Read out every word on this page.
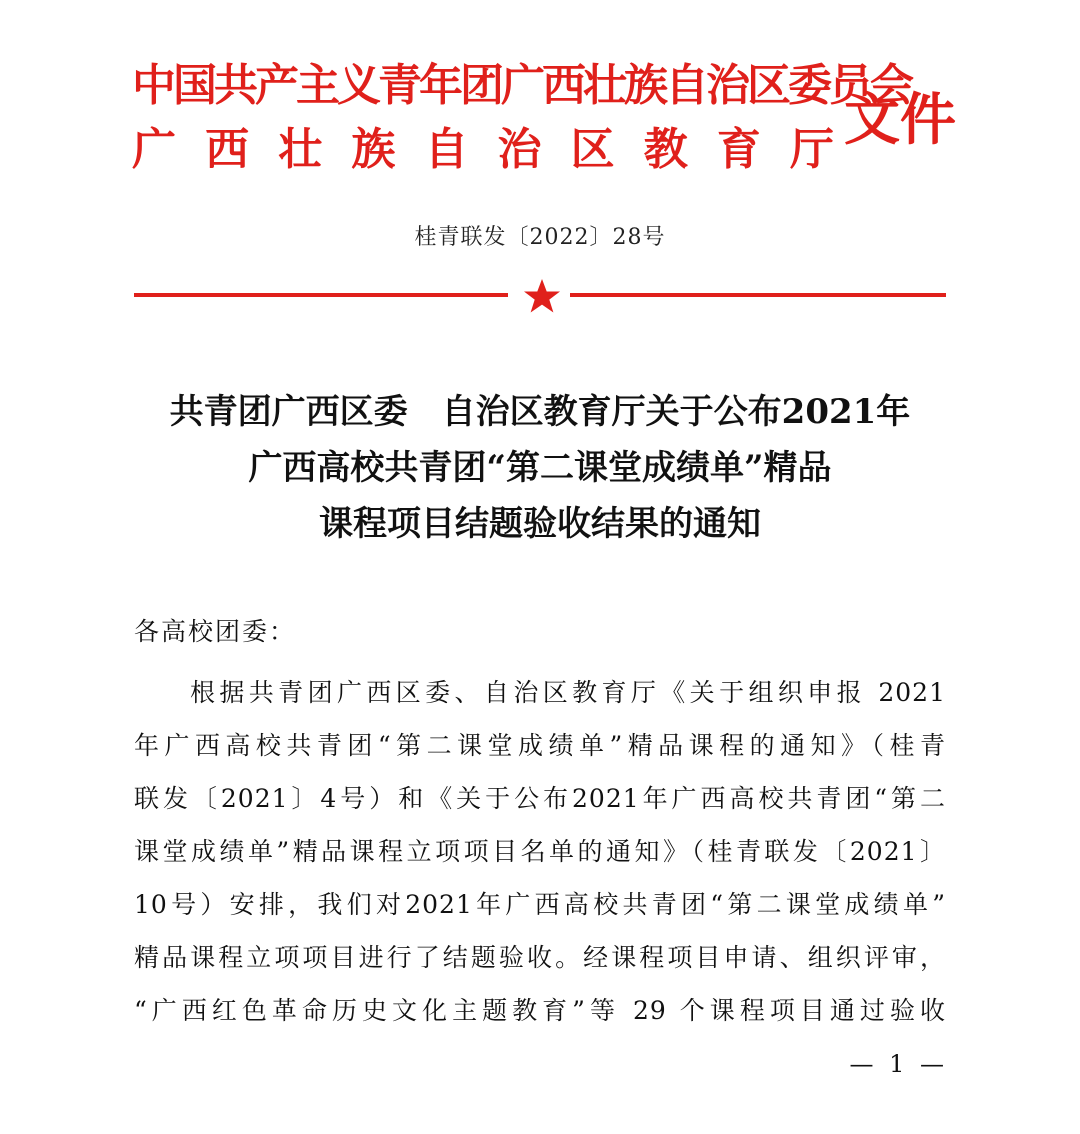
中国共产主义青年团广西壮族自治区委员会
广 西 壮 族 自 治 区 教 育 厅 文件
桂青联发〔2022〕28号
共青团广西区委　自治区教育厅关于公布2021年
广西高校共青团“第二课堂成绩单”精品
课程项目结题验收结果的通知
各高校团委：
根据共青团广西区委、自治区教育厅《关于组织申报 2021
年广西高校共青团“第二课堂成绩单”精品课程的通知》（桂青
联发〔2021〕4号）和《关于公布2021年广西高校共青团“第二
课堂成绩单”精品课程立项项目名单的通知》（桂青联发〔2021〕
10号）安排，我们对2021年广西高校共青团“第二课堂成绩单”
精品课程立项项目进行了结题验收。经课程项目申请、组织评审，
“广西红色革命历史文化主题教育”等 29 个课程项目通过验收
— 1 —
